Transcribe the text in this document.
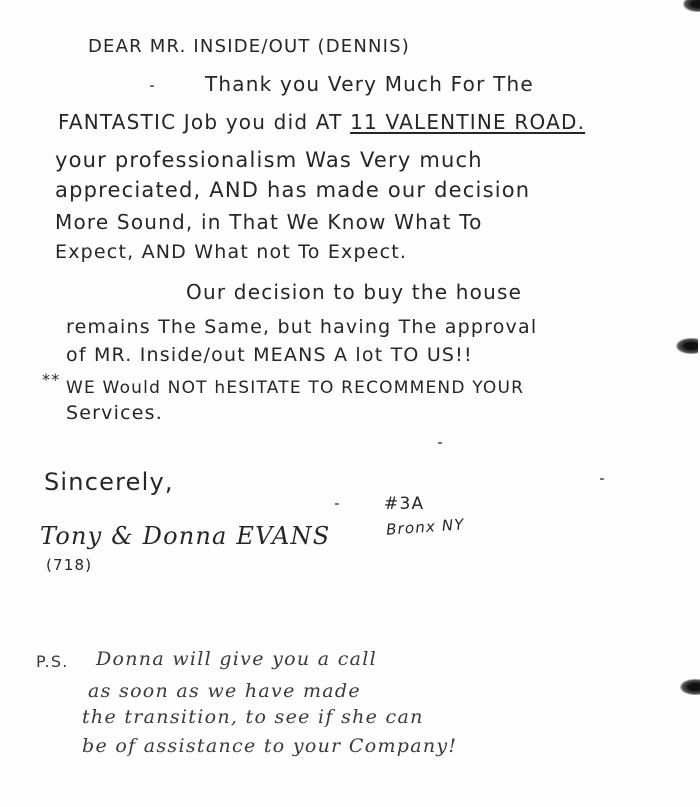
DEAR MR. INSIDE/OUT (DENNIS)
Thank you Very Much For The
FANTASTIC Job you did AT 11 VALENTINE ROAD.
your professionalism Was Very much
appreciated, AND has made our decision
More Sound, in That We Know What To
Expect, AND What not To Expect.
Our decision to buy the house
remains The Same, but having The approval
of MR. Inside/out MEANS A lot TO US!!
** WE Would NOT hESITATE TO RECOMMEND YOUR
Services.
Sincerely,
#3A
Tony & Donna EVANS	Bronx NY
(718)
P.S. Donna will give you a call
as soon as we have made
the transition, to see if she can
be of assistance to your Company!
